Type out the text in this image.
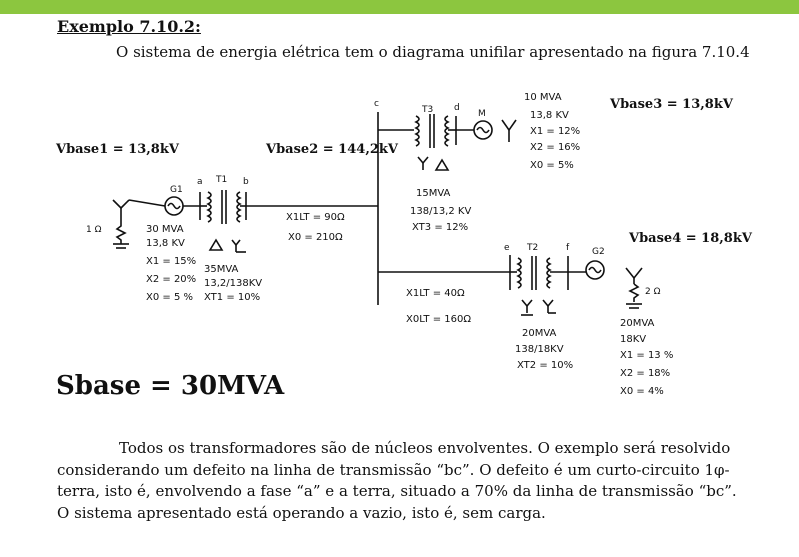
Exemplo 7.10.2:
O sistema de energia elétrica tem o diagrama unifilar apresentado na figura 7.10.4
Vbase1 = 13,8kV	Vbase2 = 144,2kV
Vbase3 = 13,8kV
Vbase4 = 18,8kV
1 Ω
G1
a T1 b
c
T3 d
M
e T2	f	G2
2 Ω
30 MVA
13,8 KV
X1 = 15%
X2 = 20%
X0 = 5 %
35MVA
13,2/138KV
XT1 = 10%
X1LT = 90Ω
X0 = 210Ω
15MVA
138/13,2 KV
XT3 = 12%
10 MVA
13,8 KV
X1 = 12%
X2 = 16%
X0 = 5%
X1LT = 40Ω
X0LT = 160Ω
20MVA
138/18KV
XT2 = 10%
20MVA
18KV
X1 = 13 %
X2 = 18%
X0 = 4%
Sbase = 30MVA
Todos os transformadores são de núcleos envolventes. O exemplo será resolvido
considerando um defeito na linha de transmissão “bc”. O defeito é um curto-circuito 1φ-
terra, isto é, envolvendo a fase “a” e a terra, situado a 70% da linha de transmissão “bc”.
O sistema apresentado está operando a vazio, isto é, sem carga.
